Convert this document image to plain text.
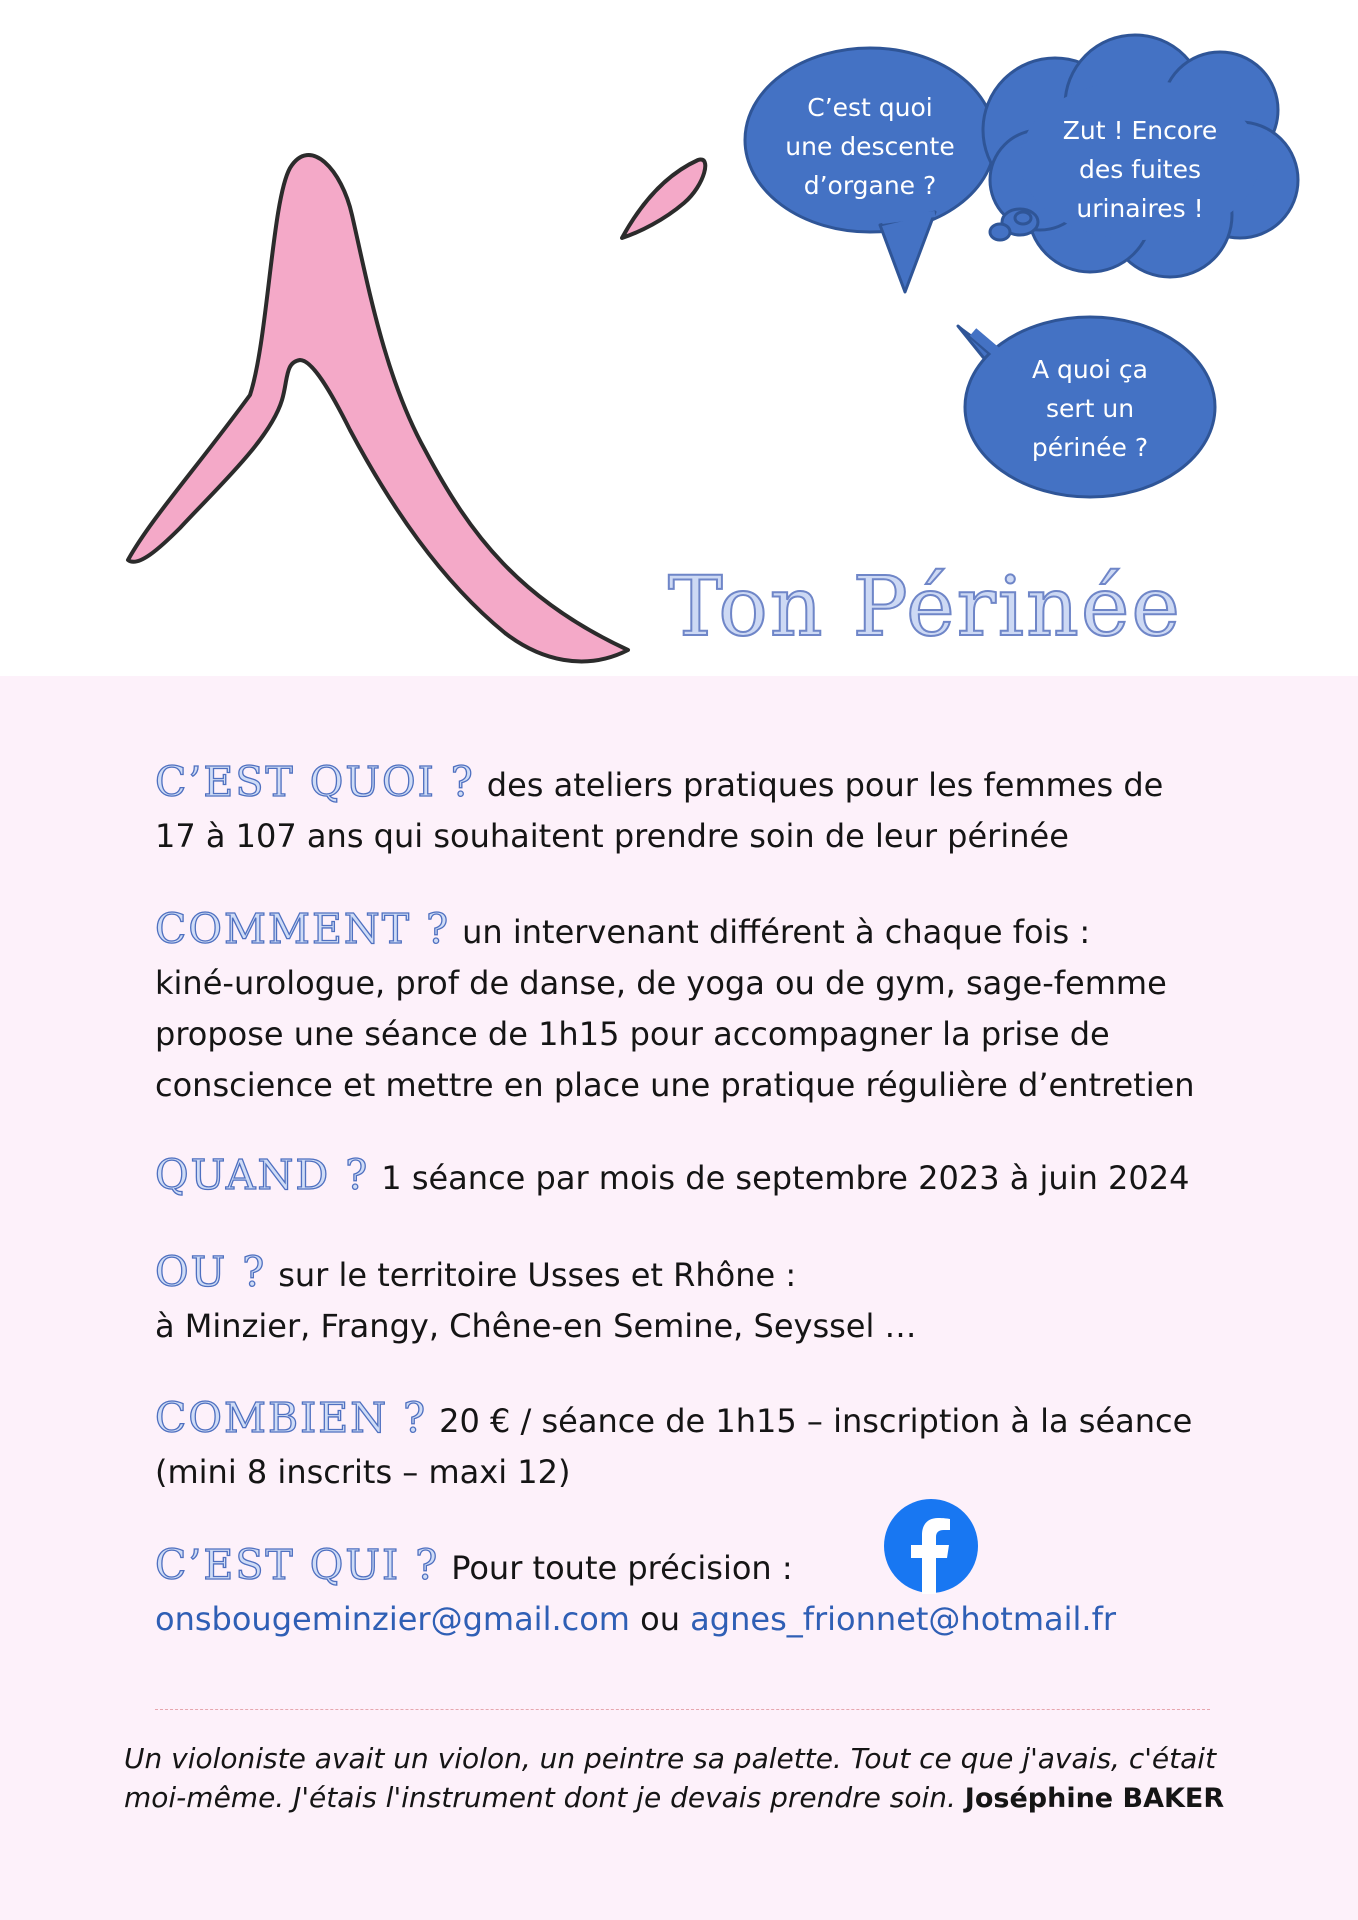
C’est quoi
une descente
d’organe ?
Zut ! Encore
des fuites
urinaires !
A quoi ça
sert un
périnée ?
Ton Périnée

C’EST QUOI ? des ateliers pratiques pour les femmes de

17 à 107 ans qui souhaitent prendre soin de leur périnée

COMMENT ? un intervenant différent à chaque fois :

kiné-urologue, prof de danse, de yoga ou de gym, sage-femme

propose une séance de 1h15 pour accompagner la prise de

conscience et mettre en place une pratique régulière d’entretien

QUAND ? 1 séance par mois de septembre 2023 à juin 2024

OU ? sur le territoire Usses et Rhône :

à Minzier, Frangy, Chêne-en Semine, Seyssel …

COMBIEN ? 20 € / séance de 1h15 – inscription à la séance

(mini 8 inscrits – maxi 12)

C’EST QUI ? Pour toute précision :

onsbougeminzier@gmail.com ou agnes_frionnet@hotmail.fr

Un violoniste avait un violon, un peintre sa palette. Tout ce que j'avais, c'était moi-même. J'étais l'instrument dont je devais prendre soin. Joséphine BAKER
